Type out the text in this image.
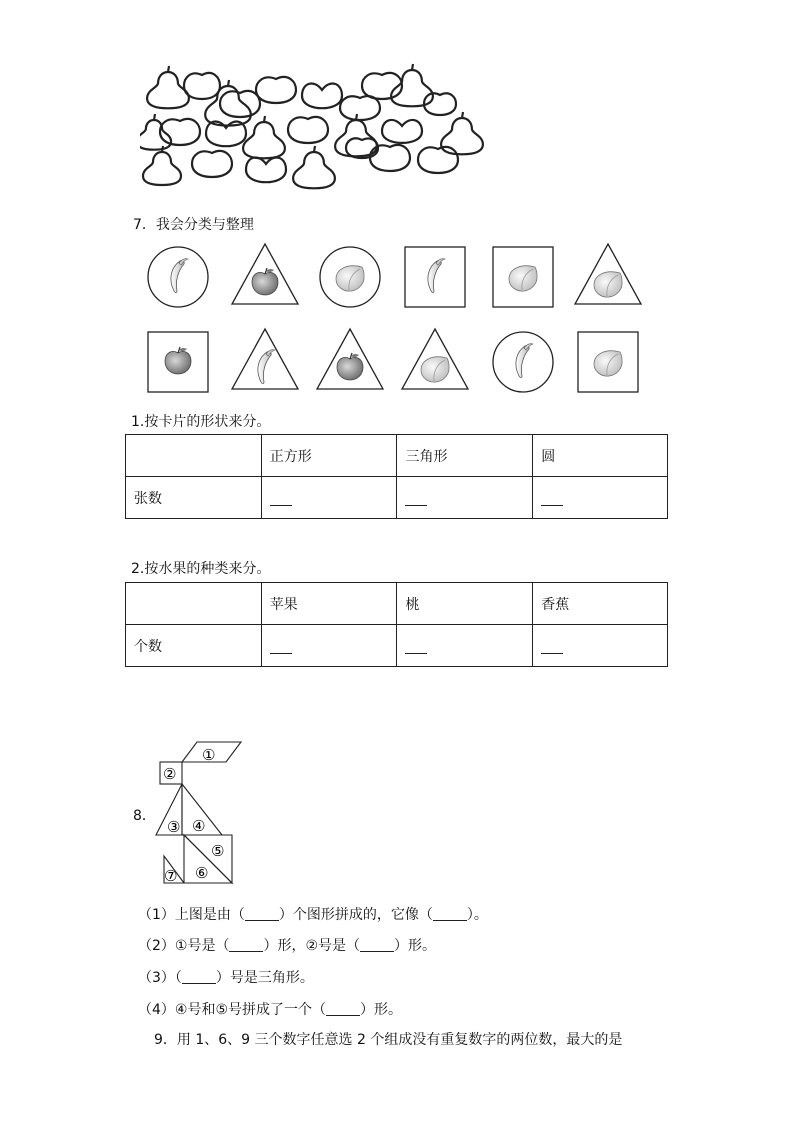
7．我会分类与整理
1.按卡片的形状来分。
	正方形	三角形	圆
张数			
2.按水果的种类来分。
	苹果	桃	香蕉
个数			
8．
①
②
③ ④
⑤
⑥
⑦
（1）上图是由（ ）个图形拼成的，它像（ ）。
（2）①号是（ ）形，②号是（ ）形。
（3）（ ）号是三角形。
（4）④号和⑤号拼成了一个（ ）形。
9．用 1、6、9 三个数字任意选 2 个组成没有重复数字的两位数，最大的是
